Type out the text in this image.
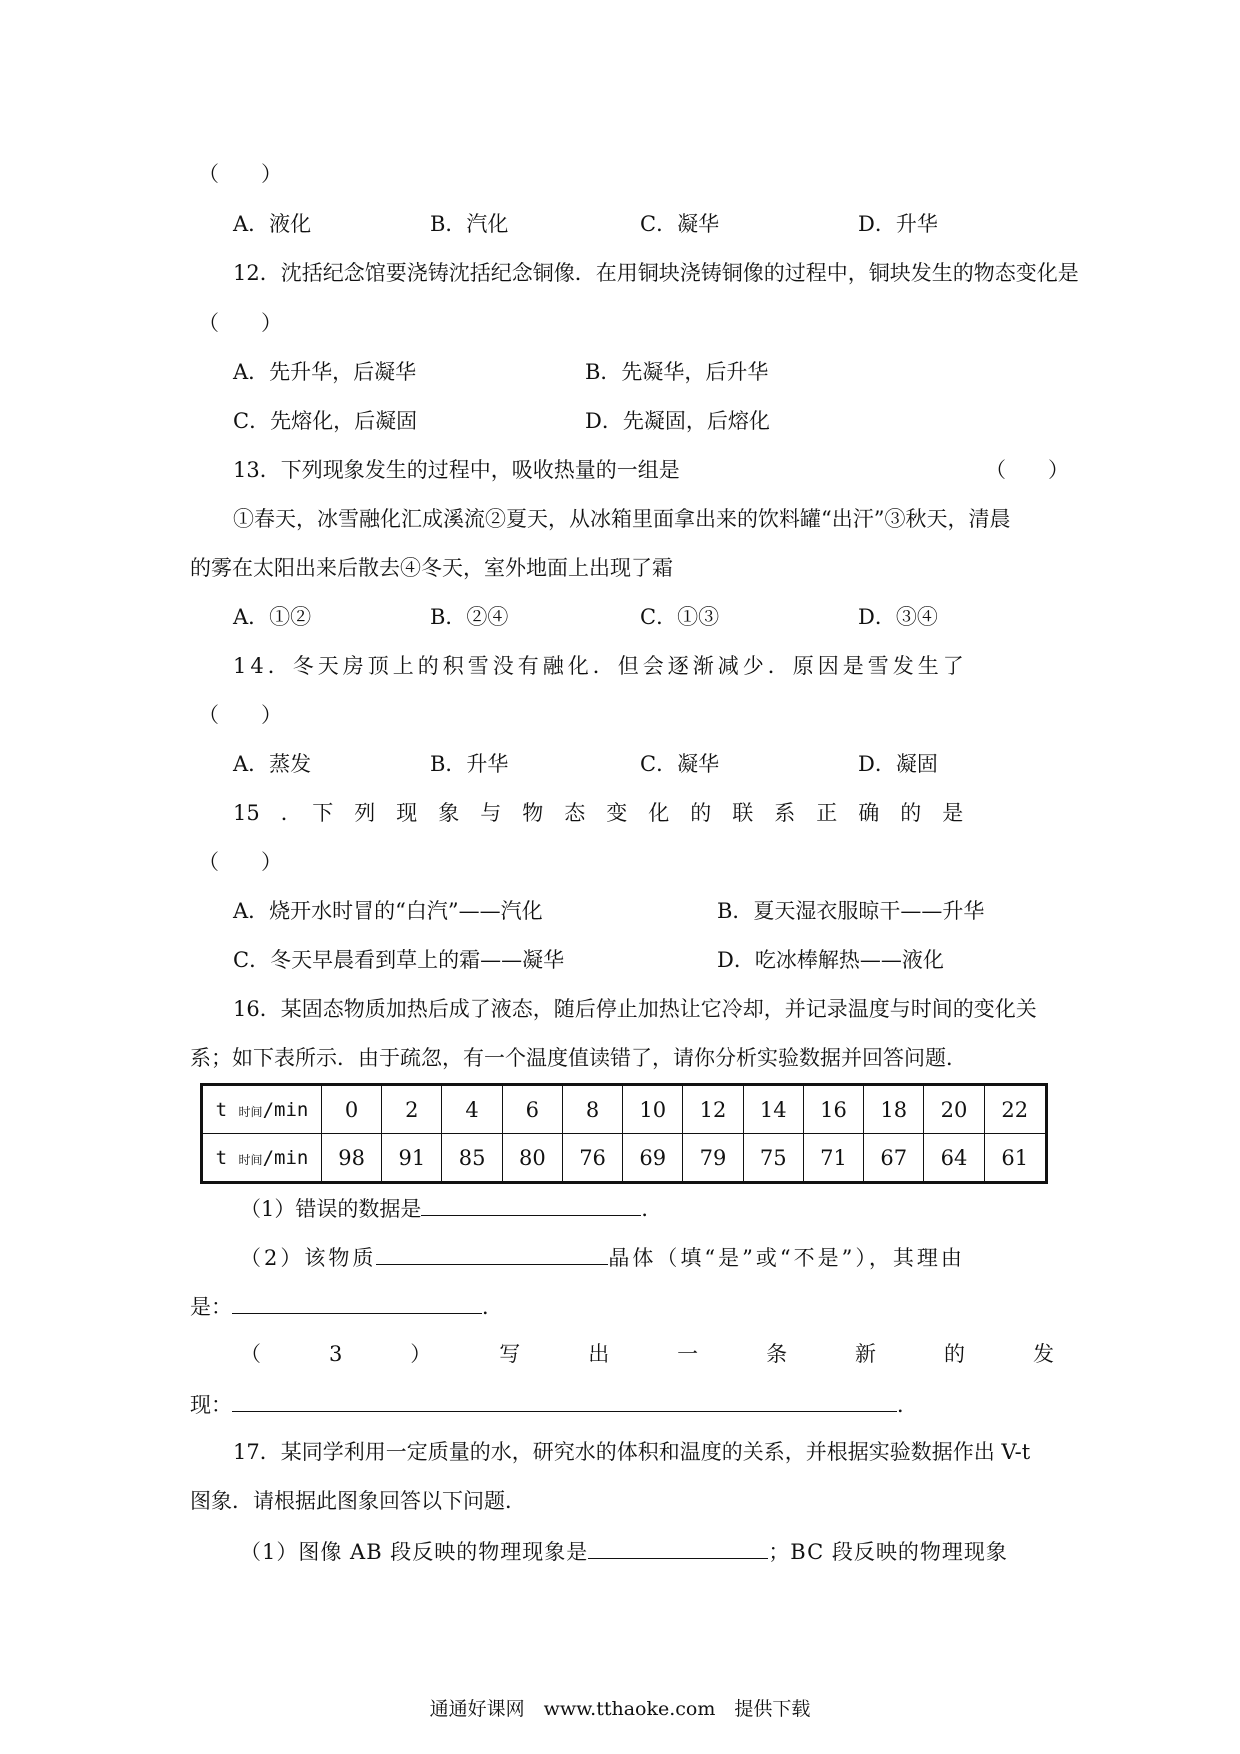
（　　）
A．液化	B．汽化	C．凝华	D．升华
12．沈括纪念馆要浇铸沈括纪念铜像．在用铜块浇铸铜像的过程中，铜块发生的物态变化是
（　　）
A．先升华，后凝华	B．先凝华，后升华
C．先熔化，后凝固	D．先凝固，后熔化
13．下列现象发生的过程中，吸收热量的一组是	（　　）
①春天，冰雪融化汇成溪流②夏天，从冰箱里面拿出来的饮料罐“出汗”③秋天，清晨
的雾在太阳出来后散去④冬天，室外地面上出现了霜
A．①②	B．②④	C．①③	D．③④
14．冬天房顶上的积雪没有融化．但会逐渐减少．原因是雪发生了
（　　）
A．蒸发	B．升华	C．凝华	D．凝固
15　．　下　列　现　象　与　物　态　变　化　的　联　系　正　确　的　是
（　　）
A．烧开水时冒的“白汽”——汽化	B．夏天湿衣服晾干——升华
C．冬天早晨看到草上的霜——凝华	D．吃冰棒解热——液化
16．某固态物质加热后成了液态，随后停止加热让它冷却，并记录温度与时间的变化关
系；如下表所示．由于疏忽，有一个温度值读错了，请你分析实验数据并回答问题．
t 时间/min	0	2	4	6	8	10	12	14	16	18	20	22
t 时间/min	98	91	85	80	76	69	79	75	71	67	64	61
（1）错误的数据是	．
（2）该物质	晶体（填“是”或“不是”），其理由
是：	．
（	3	）	写	出	一	条	新	的	发
现：	．
17．某同学利用一定质量的水，研究水的体积和温度的关系，并根据实验数据作出 V-t
图象．请根据此图象回答以下问题．
（1）图像 AB 段反映的物理现象是	；BC 段反映的物理现象
通通好课网　www.tthaoke.com　提供下载
